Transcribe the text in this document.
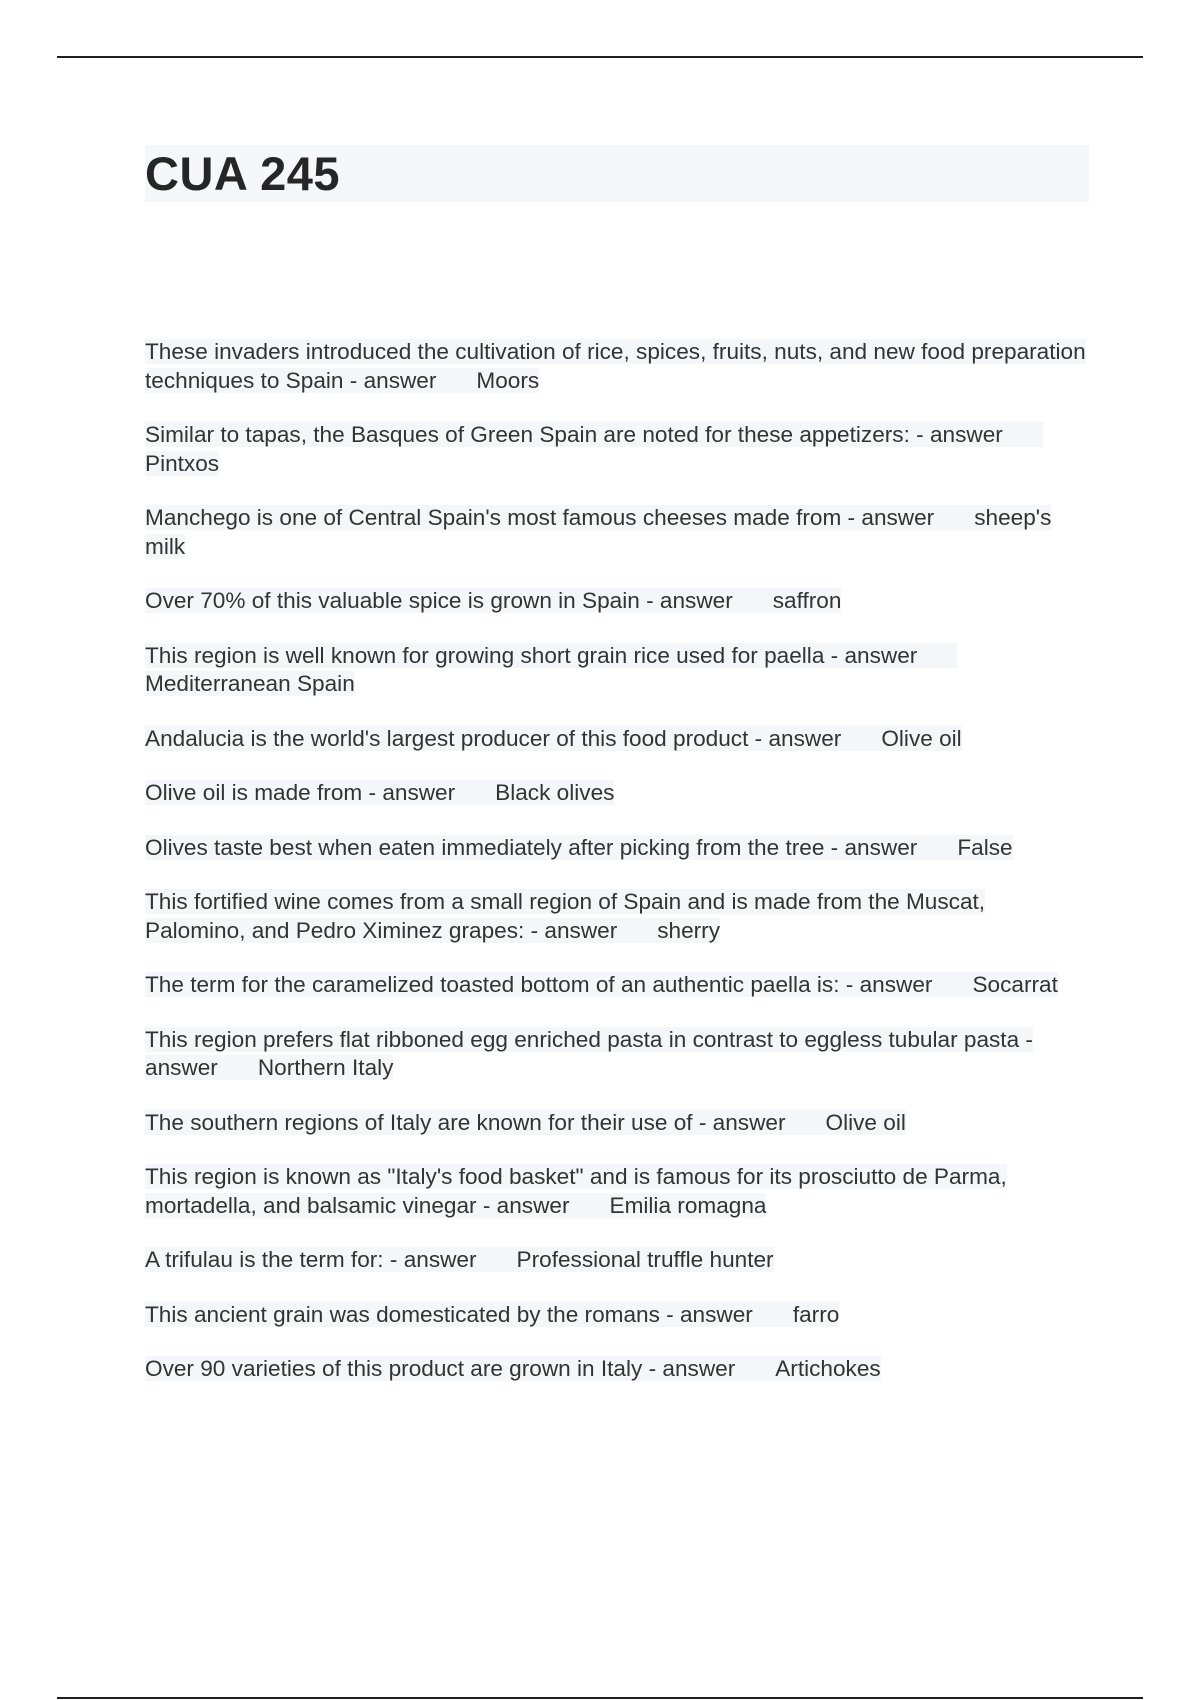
CUA 245
These invaders introduced the cultivation of rice, spices, fruits, nuts, and new food preparation techniques to Spain - answer Moors
Similar to tapas, the Basques of Green Spain are noted for these appetizers: - answerPintxos
Manchego is one of Central Spain's most famous cheeses made from - answer sheep's milk
Over 70% of this valuable spice is grown in Spain - answer saffron
This region is well known for growing short grain rice used for paella - answerMediterranean Spain
Andalucia is the world's largest producer of this food product - answer Olive oil
Olive oil is made from - answer Black olives
Olives taste best when eaten immediately after picking from the tree - answer False
This fortified wine comes from a small region of Spain and is made from the Muscat, Palomino, and Pedro Ximinez grapes: - answer sherry
The term for the caramelized toasted bottom of an authentic paella is: - answer Socarrat
This region prefers flat ribboned egg enriched pasta in contrast to eggless tubular pasta - answer Northern Italy
The southern regions of Italy are known for their use of - answer Olive oil
This region is known as "Italy's food basket" and is famous for its prosciutto de Parma, mortadella, and balsamic vinegar - answer Emilia romagna
A trifulau is the term for: - answer Professional truffle hunter
This ancient grain was domesticated by the romans - answer farro
Over 90 varieties of this product are grown in Italy - answer Artichokes
